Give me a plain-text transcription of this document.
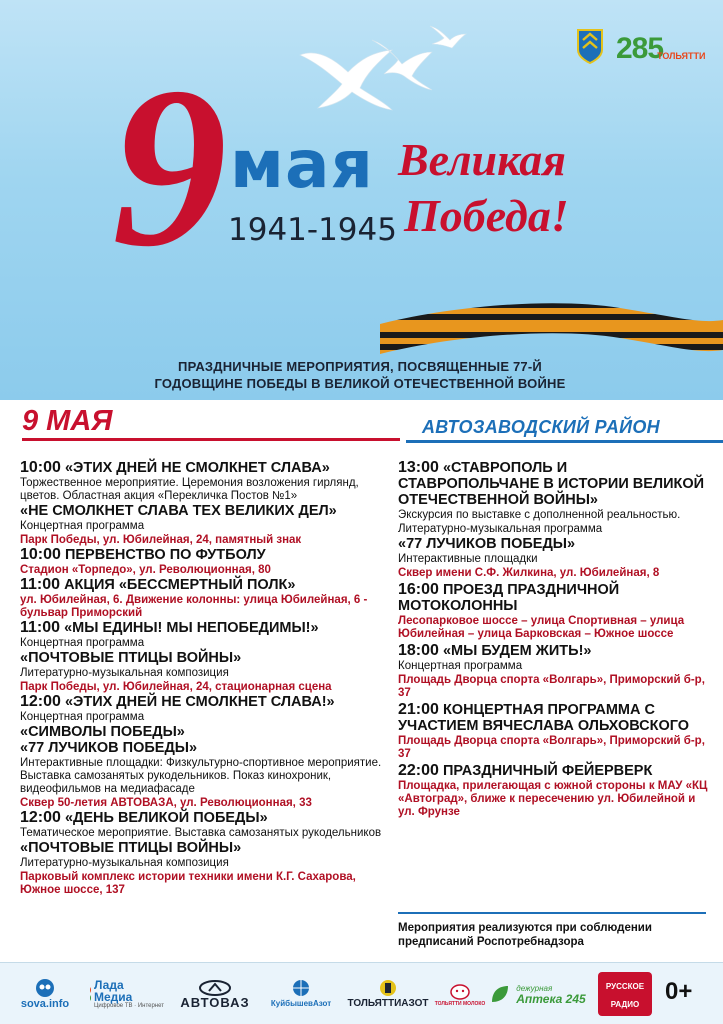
9 мая
1941-1945
Великая
Победа!
285
ТОЛЬЯТТИ
ПРАЗДНИЧНЫЕ МЕРОПРИЯТИЯ, ПОСВЯЩЕННЫЕ 77-Й
ГОДОВЩИНЕ ПОБЕДЫ В ВЕЛИКОЙ ОТЕЧЕСТВЕННОЙ ВОЙНЕ
9 МАЯ	АВТОЗАВОДСКИЙ РАЙОН
10:00 «ЭТИХ ДНЕЙ НЕ СМОЛКНЕТ СЛАВА»
Торжественное мероприятие. Церемония возложения гирлянд, цветов. Областная акция «Перекличка Постов №1»
«НЕ СМОЛКНЕТ СЛАВА ТЕХ ВЕЛИКИХ ДЕЛ»
Концертная программа
Парк Победы, ул. Юбилейная, 24, памятный знак
10:00 ПЕРВЕНСТВО ПО ФУТБОЛУ
Стадион «Торпедо», ул. Революционная, 80
11:00 АКЦИЯ «БЕССМЕРТНЫЙ ПОЛК»
ул. Юбилейная, 6. Движение колонны: улица Юбилейная, 6 - бульвар Приморский
11:00 «МЫ ЕДИНЫ! МЫ НЕПОБЕДИМЫ!»
Концертная программа
«ПОЧТОВЫЕ ПТИЦЫ ВОЙНЫ»
Литературно-музыкальная композиция
Парк Победы, ул. Юбилейная, 24, стационарная сцена
12:00 «ЭТИХ ДНЕЙ НЕ СМОЛКНЕТ СЛАВА!»
Концертная программа
«СИМВОЛЫ ПОБЕДЫ»
«77 ЛУЧИКОВ ПОБЕДЫ»
Интерактивные площадки: Физкультурно-спортивное мероприятие. Выставка самозанятых рукодельников. Показ кинохроник, видеофильмов на медиафасаде
Сквер 50-летия АВТОВАЗА, ул. Революционная, 33
12:00 «ДЕНЬ ВЕЛИКОЙ ПОБЕДЫ»
Тематическое мероприятие. Выставка самозанятых рукодельников
«ПОЧТОВЫЕ ПТИЦЫ ВОЙНЫ»
Литературно-музыкальная композиция
Парковый комплекс истории техники имени К.Г. Сахарова, Южное шоссе, 137
13:00 «СТАВРОПОЛЬ И СТАВРОПОЛЬЧАНЕ В ИСТОРИИ ВЕЛИКОЙ ОТЕЧЕСТВЕННОЙ ВОЙНЫ»
Экскурсия по выставке с дополненной реальностью.
Литературно-музыкальная программа
«77 ЛУЧИКОВ ПОБЕДЫ»
Интерактивные площадки
Сквер имени С.Ф. Жилкина, ул. Юбилейная, 8
16:00 ПРОЕЗД ПРАЗДНИЧНОЙ МОТОКОЛОННЫ
Лесопарковое шоссе – улица Спортивная – улица Юбилейная – улица Барковская – Южное шоссе
18:00 «МЫ БУДЕМ ЖИТЬ!»
Концертная программа
Площадь Дворца спорта «Волгарь», Приморский б-р, 37
21:00 КОНЦЕРТНАЯ ПРОГРАММА С УЧАСТИЕМ ВЯЧЕСЛАВА ОЛЬХОВСКОГО
Площадь Дворца спорта «Волгарь», Приморский б-р, 37
22:00 ПРАЗДНИЧНЫЙ ФЕЙЕРВЕРК
Площадка, прилегающая с южной стороны к МАУ «КЦ «Автоград», ближе к пересечению ул. Юбилейной и ул. Фрунзе
Мероприятия реализуются при соблюдении предписаний Роспотребнадзора
sova.info
Лада
Медиа
Цифровое ТВ · Интернет АВТОВАЗ	КуйбышевАзот ТОЛЬЯТТИАЗОТ ТОЛЬЯТТИ МОЛОКО
дежурная
Аптека 245
РУССКОЕ РАДИО	0+
